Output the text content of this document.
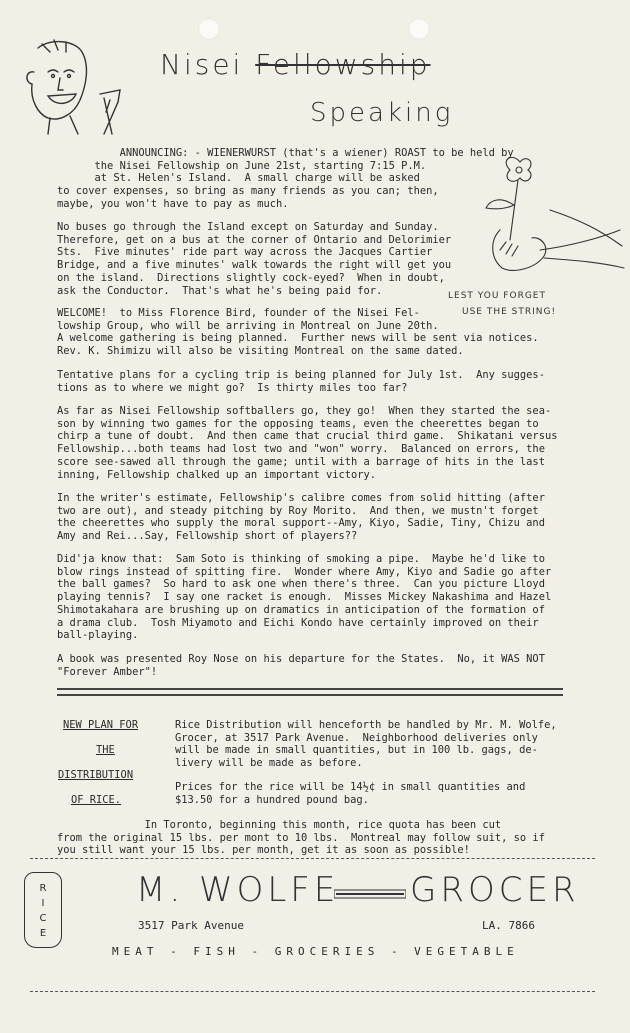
Nisei Fellowship
Speaking
LEST YOU FORGET
USE THE STRING!

ANNOUNCING: - WIENERWURST (that's a wiener) ROAST to be held by
the Nisei Fellowship on June 21st, starting 7:15 P.M.
at St. Helen's Island.  A small charge will be asked
to cover expenses, so bring as many friends as you can; then,
maybe, you won't have to pay as much.

No buses go through the Island except on Saturday and Sunday.
Therefore, get on a bus at the corner of Ontario and Delorimier
Sts.  Five minutes' ride part way across the Jacques Cartier
Bridge, and a five minutes' walk towards the right will get you
on the island.  Directions slightly cock-eyed?  When in doubt,
ask the Conductor.  That's what he's being paid for.

WELCOME!  to Miss Florence Bird, founder of the Nisei Fel-
lowship Group, who will be arriving in Montreal on June 20th.
A welcome gathering is being planned.  Further news will be sent via notices.
Rev. K. Shimizu will also be visiting Montreal on the same dated.

Tentative plans for a cycling trip is being planned for July 1st.  Any sugges-
tions as to where we might go?  Is thirty miles too far?

As far as Nisei Fellowship softballers go, they go!  When they started the sea-
son by winning two games for the opposing teams, even the cheerettes began to
chirp a tune of doubt.  And then came that crucial third game.  Shikatani versus
Fellowship...both teams had lost two and "won" worry.  Balanced on errors, the
score see-sawed all through the game; until with a barrage of hits in the last
inning, Fellowship chalked up an important victory.

In the writer's estimate, Fellowship's calibre comes from solid hitting (after
two are out), and steady pitching by Roy Morito.  And then, we mustn't forget
the cheerettes who supply the moral support--Amy, Kiyo, Sadie, Tiny, Chizu and
Amy and Rei...Say, Fellowship short of players??

Did'ja know that:  Sam Soto is thinking of smoking a pipe.  Maybe he'd like to
blow rings instead of spitting fire.  Wonder where Amy, Kiyo and Sadie go after
the ball games?  So hard to ask one when there's three.  Can you picture Lloyd
playing tennis?  I say one racket is enough.  Misses Mickey Nakashima and Hazel
Shimotakahara are brushing up on dramatics in anticipation of the formation of
a drama club.  Tosh Miyamoto and Eichi Kondo have certainly improved on their
ball-playing.

A book was presented Roy Nose on his departure for the States.  No, it WAS NOT
"Forever Amber"!

NEW PLAN FOR

THE

DISTRIBUTION

OF RICE.

Rice Distribution will henceforth be handled by Mr. M. Wolfe,
Grocer, at 3517 Park Avenue.  Neighborhood deliveries only
will be made in small quantities, but in 100 lb. gags, de-
livery will be made as before.

Prices for the rice will be 14½¢ in small quantities and
$13.50 for a hundred pound bag.

In Toronto, beginning this month, rice quota has been cut
from the original 15 lbs. per mont to 10 lbs.  Montreal may follow suit, so if
you still want your 15 lbs. per month, get it as soon as possible!

R
I
C
E
M. WOLFE GROCER
3517 Park Avenue	LA. 7866
MEAT - FISH - GROCERIES - VEGETABLE
